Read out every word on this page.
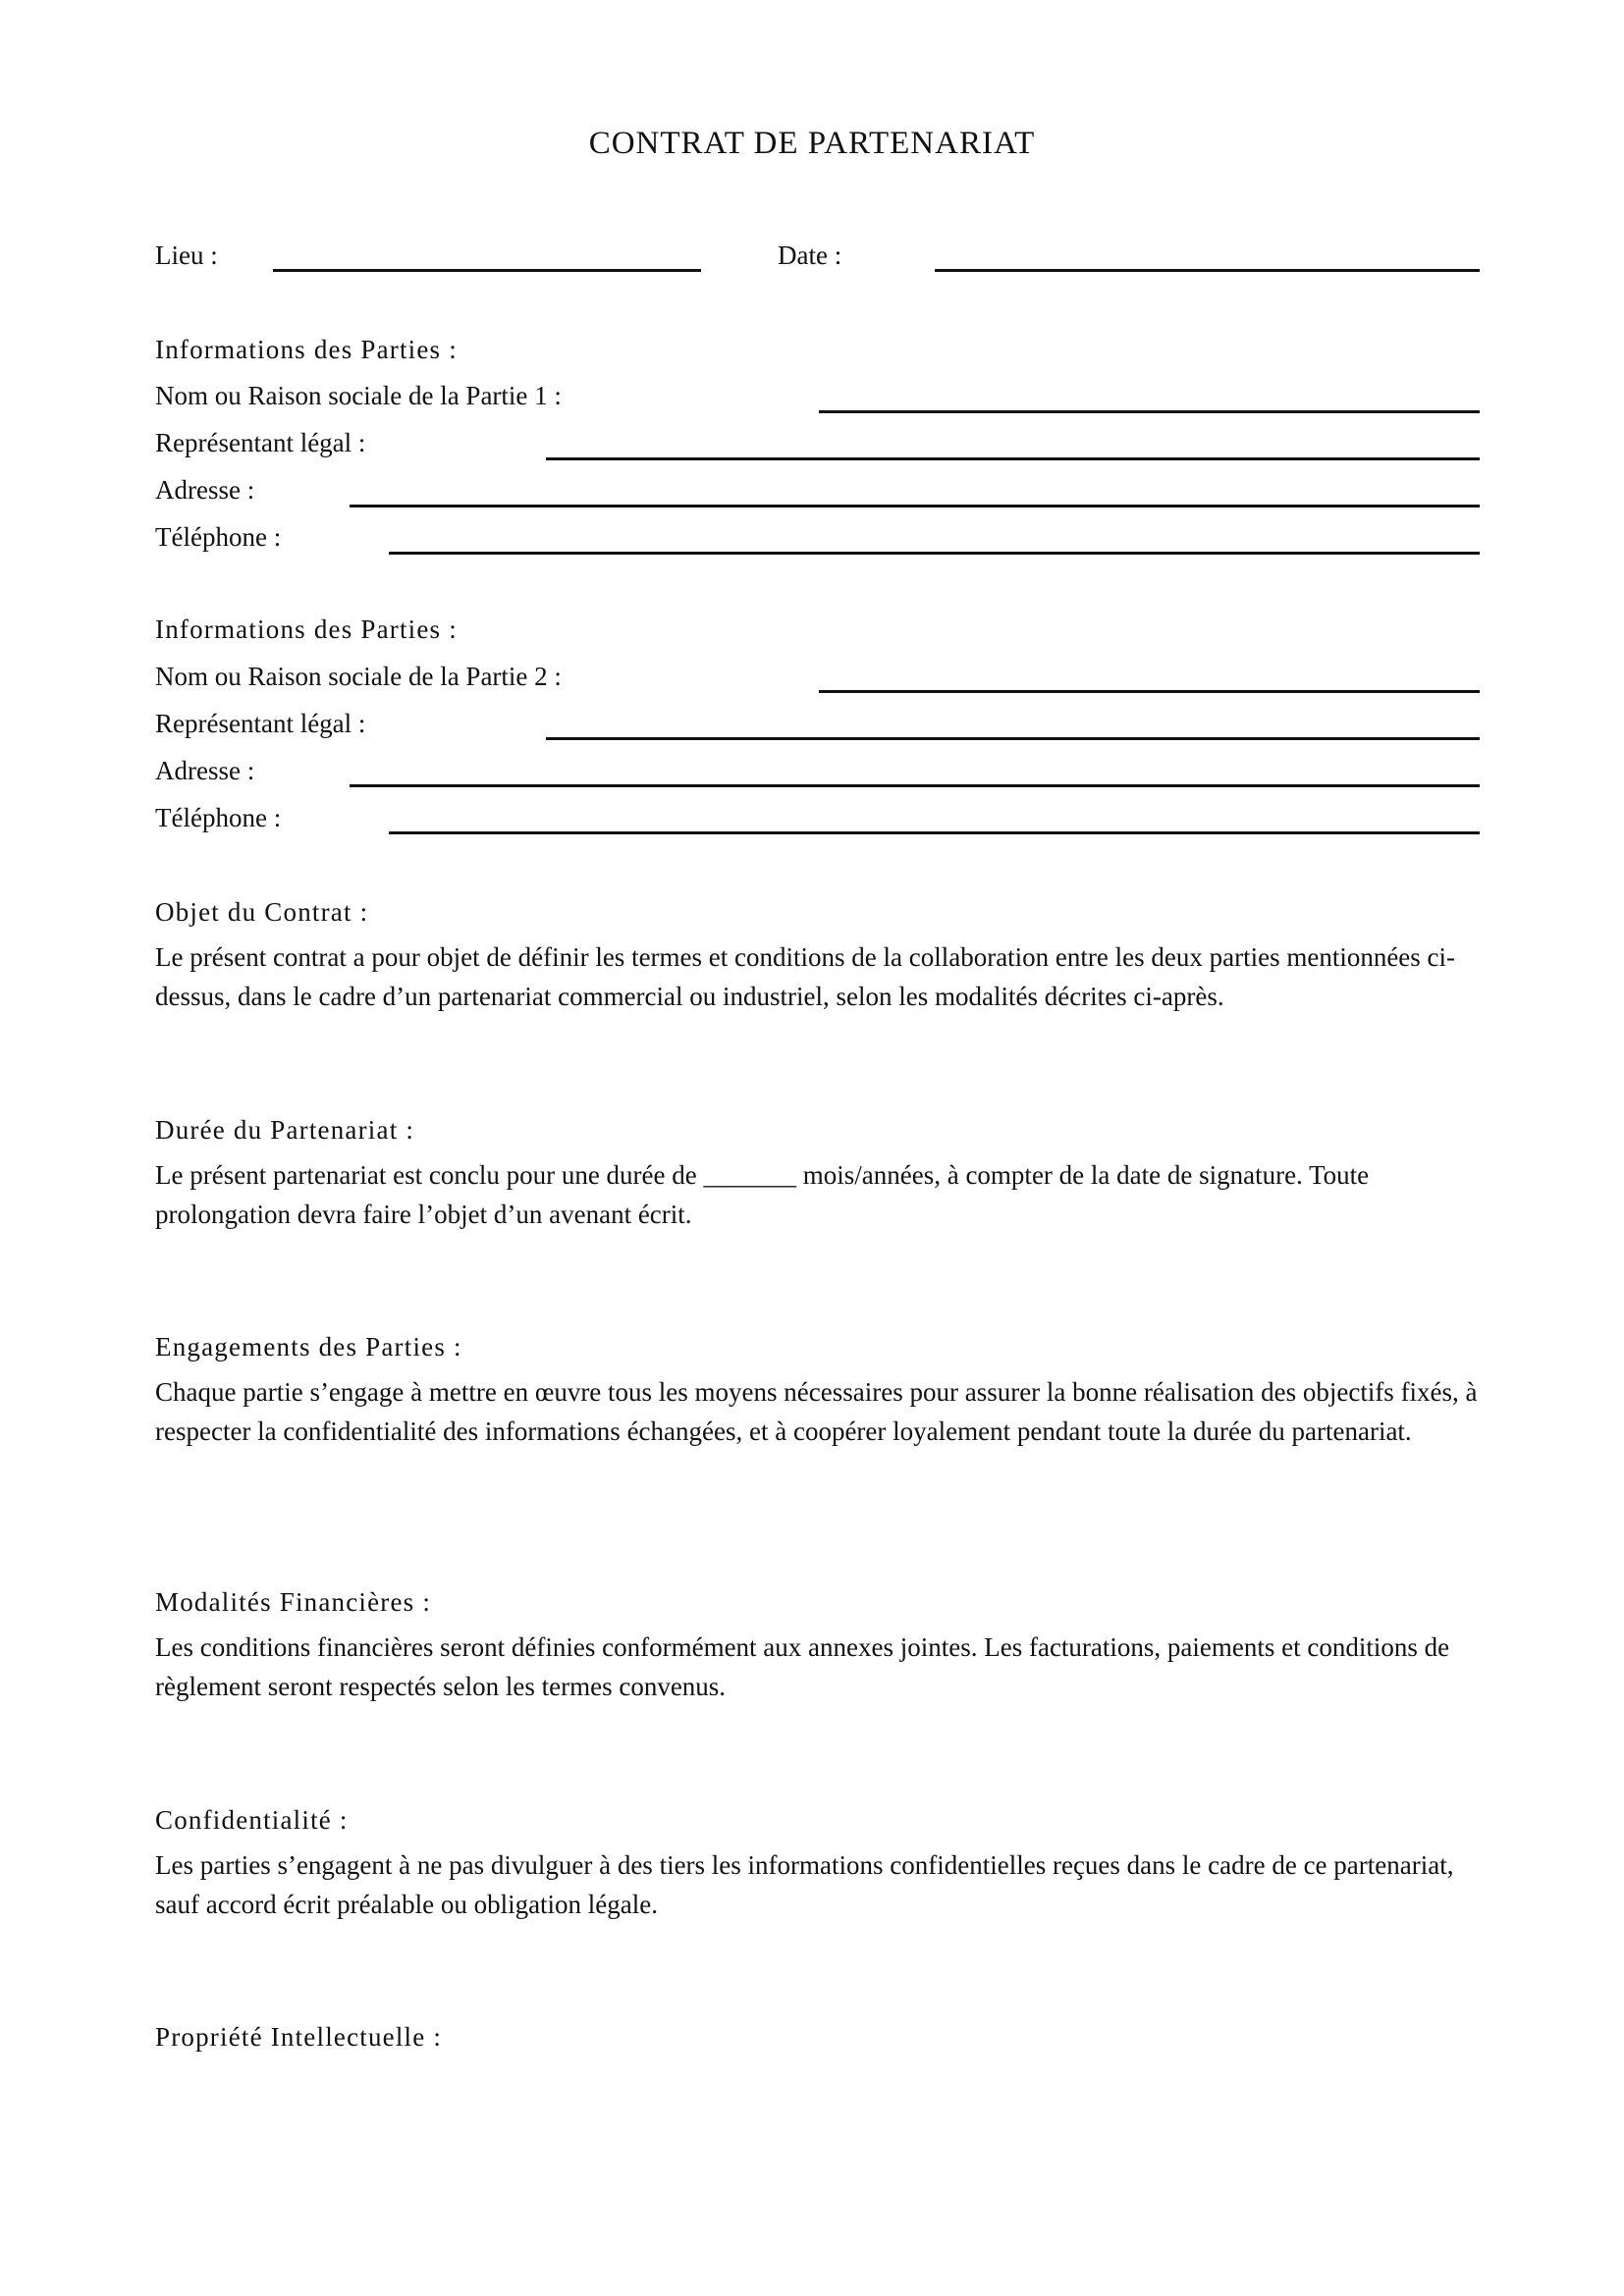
CONTRAT DE PARTENARIAT
Lieu :	Date :
Informations des Parties :
Nom ou Raison sociale de la Partie 1 :
Représentant légal :
Adresse :
Téléphone :
Informations des Parties :
Nom ou Raison sociale de la Partie 2 :
Représentant légal :
Adresse :
Téléphone :
Objet du Contrat :
Le présent contrat a pour objet de définir les termes et conditions de la collaboration entre les deux parties mentionnées ci-dessus, dans le cadre d’un partenariat commercial ou industriel, selon les modalités décrites ci-après.
Durée du Partenariat :
Le présent partenariat est conclu pour une durée de _______ mois/années, à compter de la date de signature. Toute prolongation devra faire l’objet d’un avenant écrit.
Engagements des Parties :
Chaque partie s’engage à mettre en œuvre tous les moyens nécessaires pour assurer la bonne réalisation des objectifs fixés, à respecter la confidentialité des informations échangées, et à coopérer loyalement pendant toute la durée du partenariat.
Modalités Financières :
Les conditions financières seront définies conformément aux annexes jointes. Les facturations, paiements et conditions de règlement seront respectés selon les termes convenus.
Confidentialité :
Les parties s’engagent à ne pas divulguer à des tiers les informations confidentielles reçues dans le cadre de ce partenariat, sauf accord écrit préalable ou obligation légale.
Propriété Intellectuelle :
